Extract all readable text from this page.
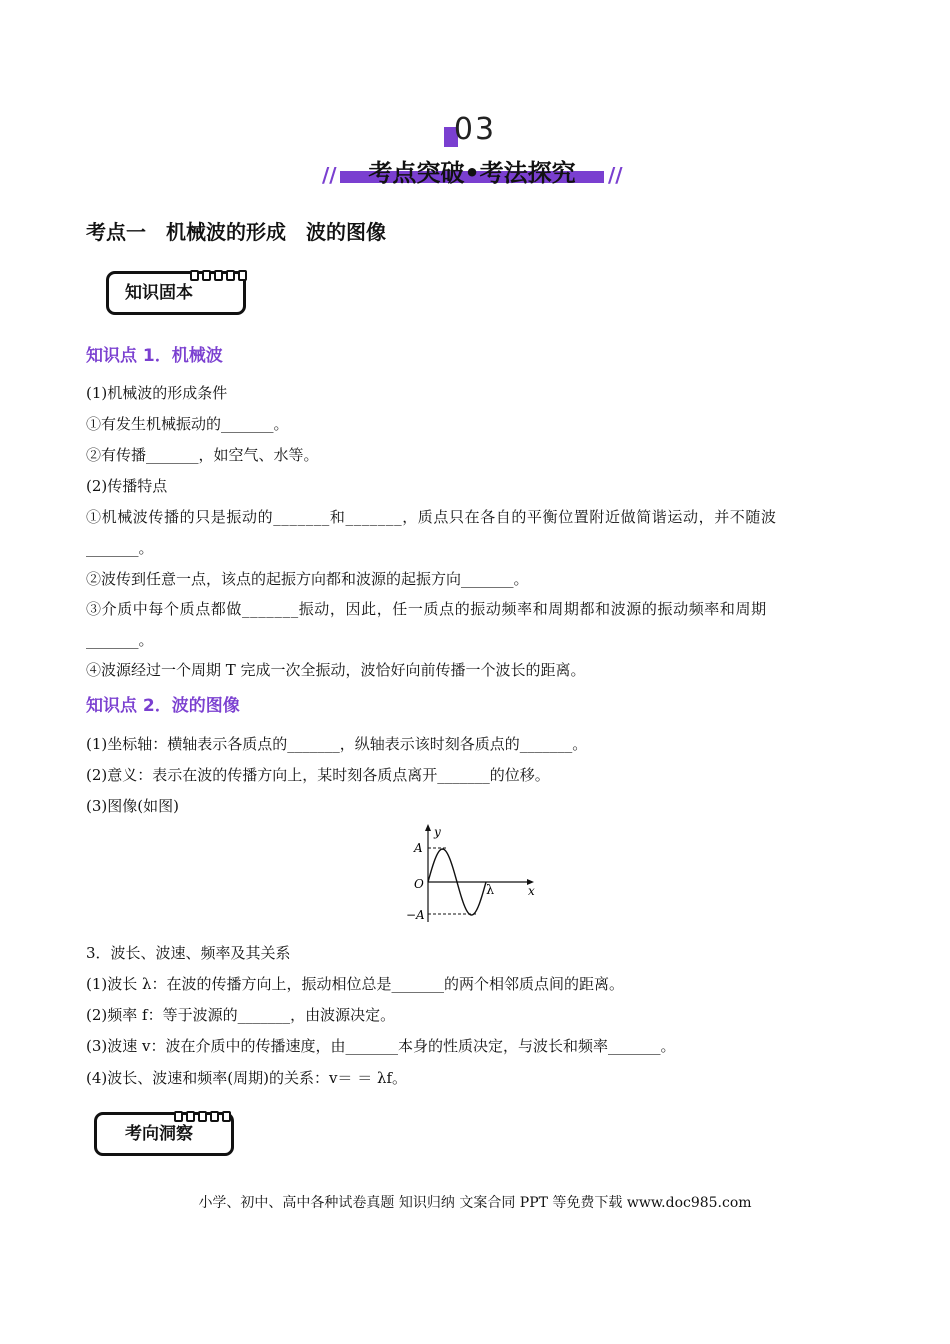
03
//	//
考点突破•考法探究
考点一　机械波的形成　波的图像
知识固本
知识点 1．机械波
(1)机械波的形成条件
①有发生机械振动的_______。
②有传播_______，如空气、水等。
(2)传播特点
①机械波传播的只是振动的_______和_______，质点只在各自的平衡位置附近做简谐运动，并不随波
_______。
②波传到任意一点，该点的起振方向都和波源的起振方向_______。
③介质中每个质点都做_______振动，因此，任一质点的振动频率和周期都和波源的振动频率和周期
_______。
④波源经过一个周期 T 完成一次全振动，波恰好向前传播一个波长的距离。
知识点 2．波的图像
(1)坐标轴：横轴表示各质点的_______，纵轴表示该时刻各质点的_______。
(2)意义：表示在波的传播方向上，某时刻各质点离开_______的位移。
(3)图像(如图)
y
x
A
−A
O	λ
3．波长、波速、频率及其关系
(1)波长 λ：在波的传播方向上，振动相位总是_______的两个相邻质点间的距离。
(2)频率 f：等于波源的_______，由波源决定。
(3)波速 v：波在介质中的传播速度，由_______本身的性质决定，与波长和频率_______。
(4)波长、波速和频率(周期)的关系：v＝ ＝ λf。
考向洞察
小学、初中、高中各种试卷真题 知识归纳 文案合同 PPT 等免费下载 www.doc985.com
